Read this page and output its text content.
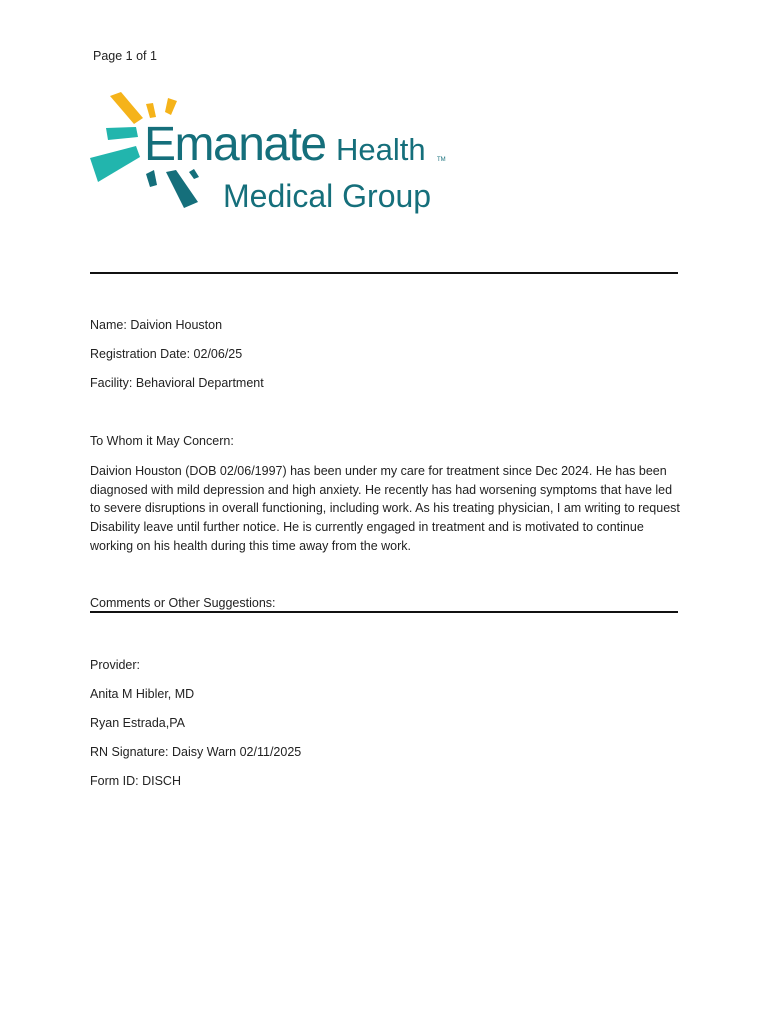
Page 1 of 1
Emanate Health TM
Medical Group
Name: Daivion Houston
Registration Date: 02/06/25
Facility: Behavioral Department
To Whom it May Concern:
Daivion Houston (DOB 02/06/1997) has been under my care for treatment since Dec 2024. He has been diagnosed with mild depression and high anxiety. He recently has had worsening symptoms that have led to severe disruptions in overall functioning, including work. As his treating physician, I am writing to request Disability leave until further notice. He is currently engaged in treatment and is motivated to continue working on his health during this time away from the work.
Comments or Other Suggestions:
Provider:
Anita M Hibler, MD
Ryan Estrada,PA
RN Signature: Daisy Warn 02/11/2025
Form ID: DISCH
